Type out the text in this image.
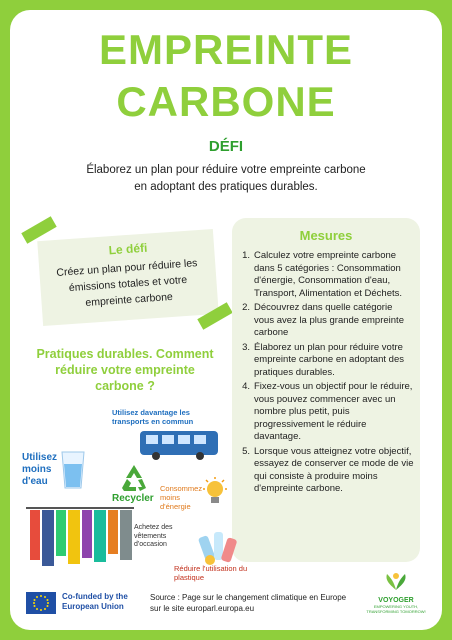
EMPREINTE
CARBONE
DÉFI
Élaborez un plan pour réduire votre empreinte carbone en adoptant des pratiques durables.
Le défi
Créez un plan pour réduire les émissions totales et votre empreinte carbone
Mesures
1. Calculez votre empreinte carbone dans 5 catégories : Consommation d'énergie, Consommation d'eau, Transport, Alimentation et Déchets.
2. Découvrez dans quelle catégorie vous avez la plus grande empreinte carbone
3. Élaborez un plan pour réduire votre empreinte carbone en adoptant des pratiques durables.
4. Fixez-vous un objectif pour le réduire, vous pouvez commencer avec un nombre plus petit, puis progressivement le réduire davantage.
5. Lorsque vous atteignez votre objectif, essayez de conserver ce mode de vie qui consiste à produire moins d'empreinte carbone.
Pratiques durables. Comment réduire votre empreinte carbone ?
Utilisez davantage les transports en commun
Utilisez moins d'eau
Recycler
Consommez moins d'énergie
Achetez des vêtements d'occasion
Réduire l'utilisation du plastique
Co-funded by the European Union
Source : Page sur le changement climatique en Europe sur le site europarl.europa.eu
VOYOGER
EMPOWERING YOUTH, TRANSFORMING TOMORROW!
